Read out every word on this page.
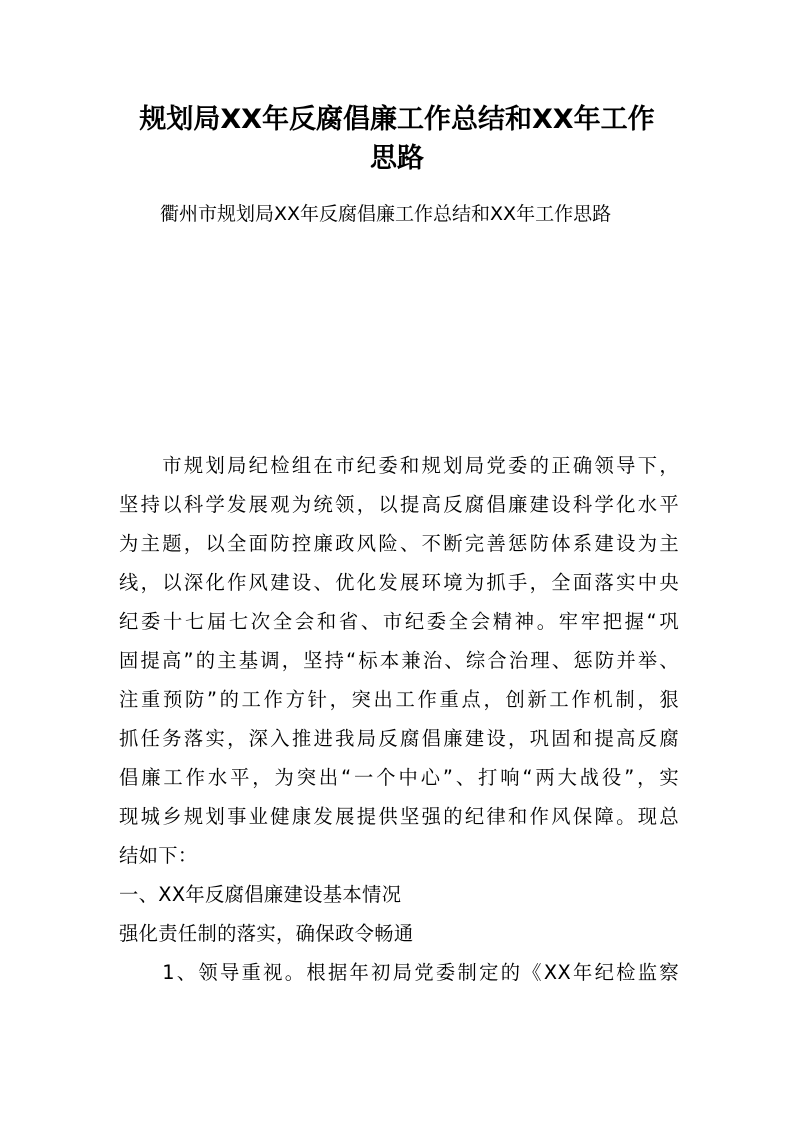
规划局XX年反腐倡廉工作总结和XX年工作
思路
衢州市规划局XX年反腐倡廉工作总结和XX年工作思路
　　市规划局纪检组在市纪委和规划局党委的正确领导下，
坚持以科学发展观为统领，以提高反腐倡廉建设科学化水平
为主题，以全面防控廉政风险、不断完善惩防体系建设为主
线，以深化作风建设、优化发展环境为抓手，全面落实中央
纪委十七届七次全会和省、市纪委全会精神。牢牢把握“巩
固提高”的主基调，坚持“标本兼治、综合治理、惩防并举、
注重预防”的工作方针，突出工作重点，创新工作机制，狠
抓任务落实，深入推进我局反腐倡廉建设，巩固和提高反腐
倡廉工作水平，为突出“一个中心”、打响“两大战役”，实
现城乡规划事业健康发展提供坚强的纪律和作风保障。现总
结如下：
一、XX年反腐倡廉建设基本情况
强化责任制的落实，确保政令畅通
　　1、领导重视。根据年初局党委制定的《XX年纪检监察
